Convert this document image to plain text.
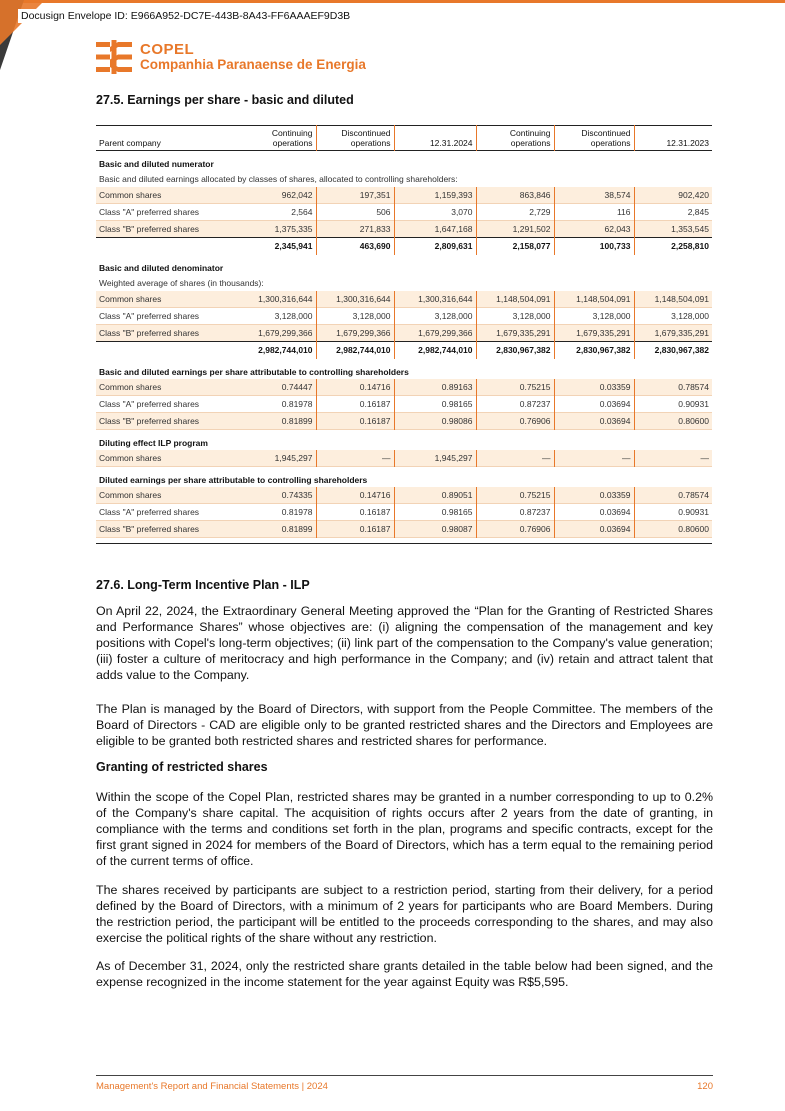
Docusign Envelope ID: E966A952-DC7E-443B-8A43-FF6AAAEF9D3B
COPEL
Companhia Paranaense de Energia
27.5. Earnings per share - basic and diluted
Parent company	Continuing operations	Discontinued operations	12.31.2024	Continuing operations	Discontinued operations	12.31.2023
Basic and diluted numerator						
Basic and diluted earnings allocated by classes of shares, allocated to controlling shareholders:						
Common shares	962,042	197,351	1,159,393	863,846	38,574	902,420
Class "A" preferred shares	2,564	506	3,070	2,729	116	2,845
Class "B" preferred shares	1,375,335	271,833	1,647,168	1,291,502	62,043	1,353,545
	2,345,941	463,690	2,809,631	2,158,077	100,733	2,258,810
Basic and diluted denominator						
Weighted average of shares (in thousands):						
Common shares	1,300,316,644	1,300,316,644	1,300,316,644	1,148,504,091	1,148,504,091	1,148,504,091
Class "A" preferred shares	3,128,000	3,128,000	3,128,000	3,128,000	3,128,000	3,128,000
Class "B" preferred shares	1,679,299,366	1,679,299,366	1,679,299,366	1,679,335,291	1,679,335,291	1,679,335,291
	2,982,744,010	2,982,744,010	2,982,744,010	2,830,967,382	2,830,967,382	2,830,967,382
Basic and diluted earnings per share attributable to controlling shareholders						
Common shares	0.74447	0.14716	0.89163	0.75215	0.03359	0.78574
Class "A" preferred shares	0.81978	0.16187	0.98165	0.87237	0.03694	0.90931
Class "B" preferred shares	0.81899	0.16187	0.98086	0.76906	0.03694	0.80600
Diluting effect ILP program						
Common shares	1,945,297	—	1,945,297	—	—	—
Diluted earnings per share attributable to controlling shareholders						
Common shares	0.74335	0.14716	0.89051	0.75215	0.03359	0.78574
Class "A" preferred shares	0.81978	0.16187	0.98165	0.87237	0.03694	0.90931
Class "B" preferred shares	0.81899	0.16187	0.98087	0.76906	0.03694	0.80600

27.6. Long-Term Incentive Plan - ILP

On April 22, 2024, the Extraordinary General Meeting approved the “Plan for the Granting of Restricted Shares and Performance Shares” whose objectives are: (i) aligning the compensation of the management and key positions with Copel's long-term objectives; (ii) link part of the compensation to the Company's value generation; (iii) foster a culture of meritocracy and high performance in the Company; and (iv) retain and attract talent that adds value to the Company.

The Plan is managed by the Board of Directors, with support from the People Committee. The members of the Board of Directors - CAD are eligible only to be granted restricted shares and the Directors and Employees are eligible to be granted both restricted shares and restricted shares for performance.

Granting of restricted shares

Within the scope of the Copel Plan, restricted shares may be granted in a number corresponding to up to 0.2% of the Company's share capital. The acquisition of rights occurs after 2 years from the date of granting, in compliance with the terms and conditions set forth in the plan, programs and specific contracts, except for the first grant signed in 2024 for members of the Board of Directors, which has a term equal to the remaining period of the current terms of office.

The shares received by participants are subject to a restriction period, starting from their delivery, for a period defined by the Board of Directors, with a minimum of 2 years for participants who are Board Members. During the restriction period, the participant will be entitled to the proceeds corresponding to the shares, and may also exercise the political rights of the share without any restriction.

As of December 31, 2024, only the restricted share grants detailed in the table below had been signed, and the expense recognized in the income statement for the year against Equity was R$5,595.

Management's Report and Financial Statements | 2024	120
